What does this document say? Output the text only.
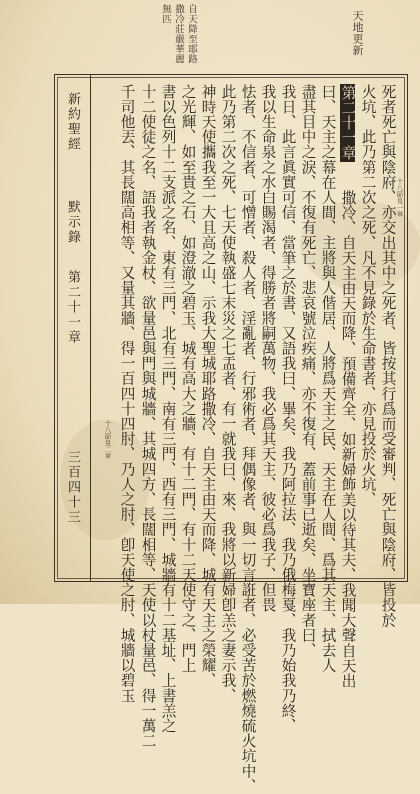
天地更新
自天降至耶路撒冷莊嚴華麗無匹
新約聖經
默示錄
第二十一章
三百四十三	死者死亡與陰府、亦交出其中之死者、皆按其行爲而受審判、死亡與陰府、皆投於
火坑、此乃第二次之死、凡不見錄於生命書者、亦見投於火坑、
第二十一章
撒冷、自天主由天而降、預備齊全、如新婦飾美以待其夫、我聞大聲自天出
曰、天主之幕在人間、主將與人偕居、人將爲天主之民、天主在人間、爲其天主、拭去人
盡其目中之淚、不復有死亡、悲哀號泣疾痛、亦不復有、蓋前事已逝矣、坐寶座者曰、
我日、此言眞實可信、當筆之於書、又語我曰、畢矣、我乃阿拉法、我乃俄梅戛、我乃始我乃終、
我以生命泉之水白賜渴者、得勝者將嗣萬物、我必爲其天主、彼必爲我子、但畏
怯者、不信者、可憎者、殺人者、淫亂者、行邪術者、拜偶像者、與一切言誑者、必受苦於燃燒硫火坑中、
此乃第二次之死、七天使執盛七末災之七盂者、有一就我曰、來、我將以新婦卽羔之妻示我、
神時天使攜我至一大且高之山、示我大聖城耶路撒冷、自天主由天而降、城有天主之榮耀、
之光輝、如至貴之石、如澄澈之碧玉、城有高大之牆、有十二門、有十二天使守之、門上
書以色列十二支派之名、東有三門、北有三門、南有三門、西有三門、城牆有十二基址、上書羔之
十二使徒之名、語我者執金杖、欲量邑與門與城牆、其城四方、長闊相等、天使以杖量邑、得一萬二
千司他丟、其長闊高相等、又量其牆、得一百四十四肘、乃人之肘、卽天使之肘、城牆以碧玉	十八節見一章
十八節見二章
